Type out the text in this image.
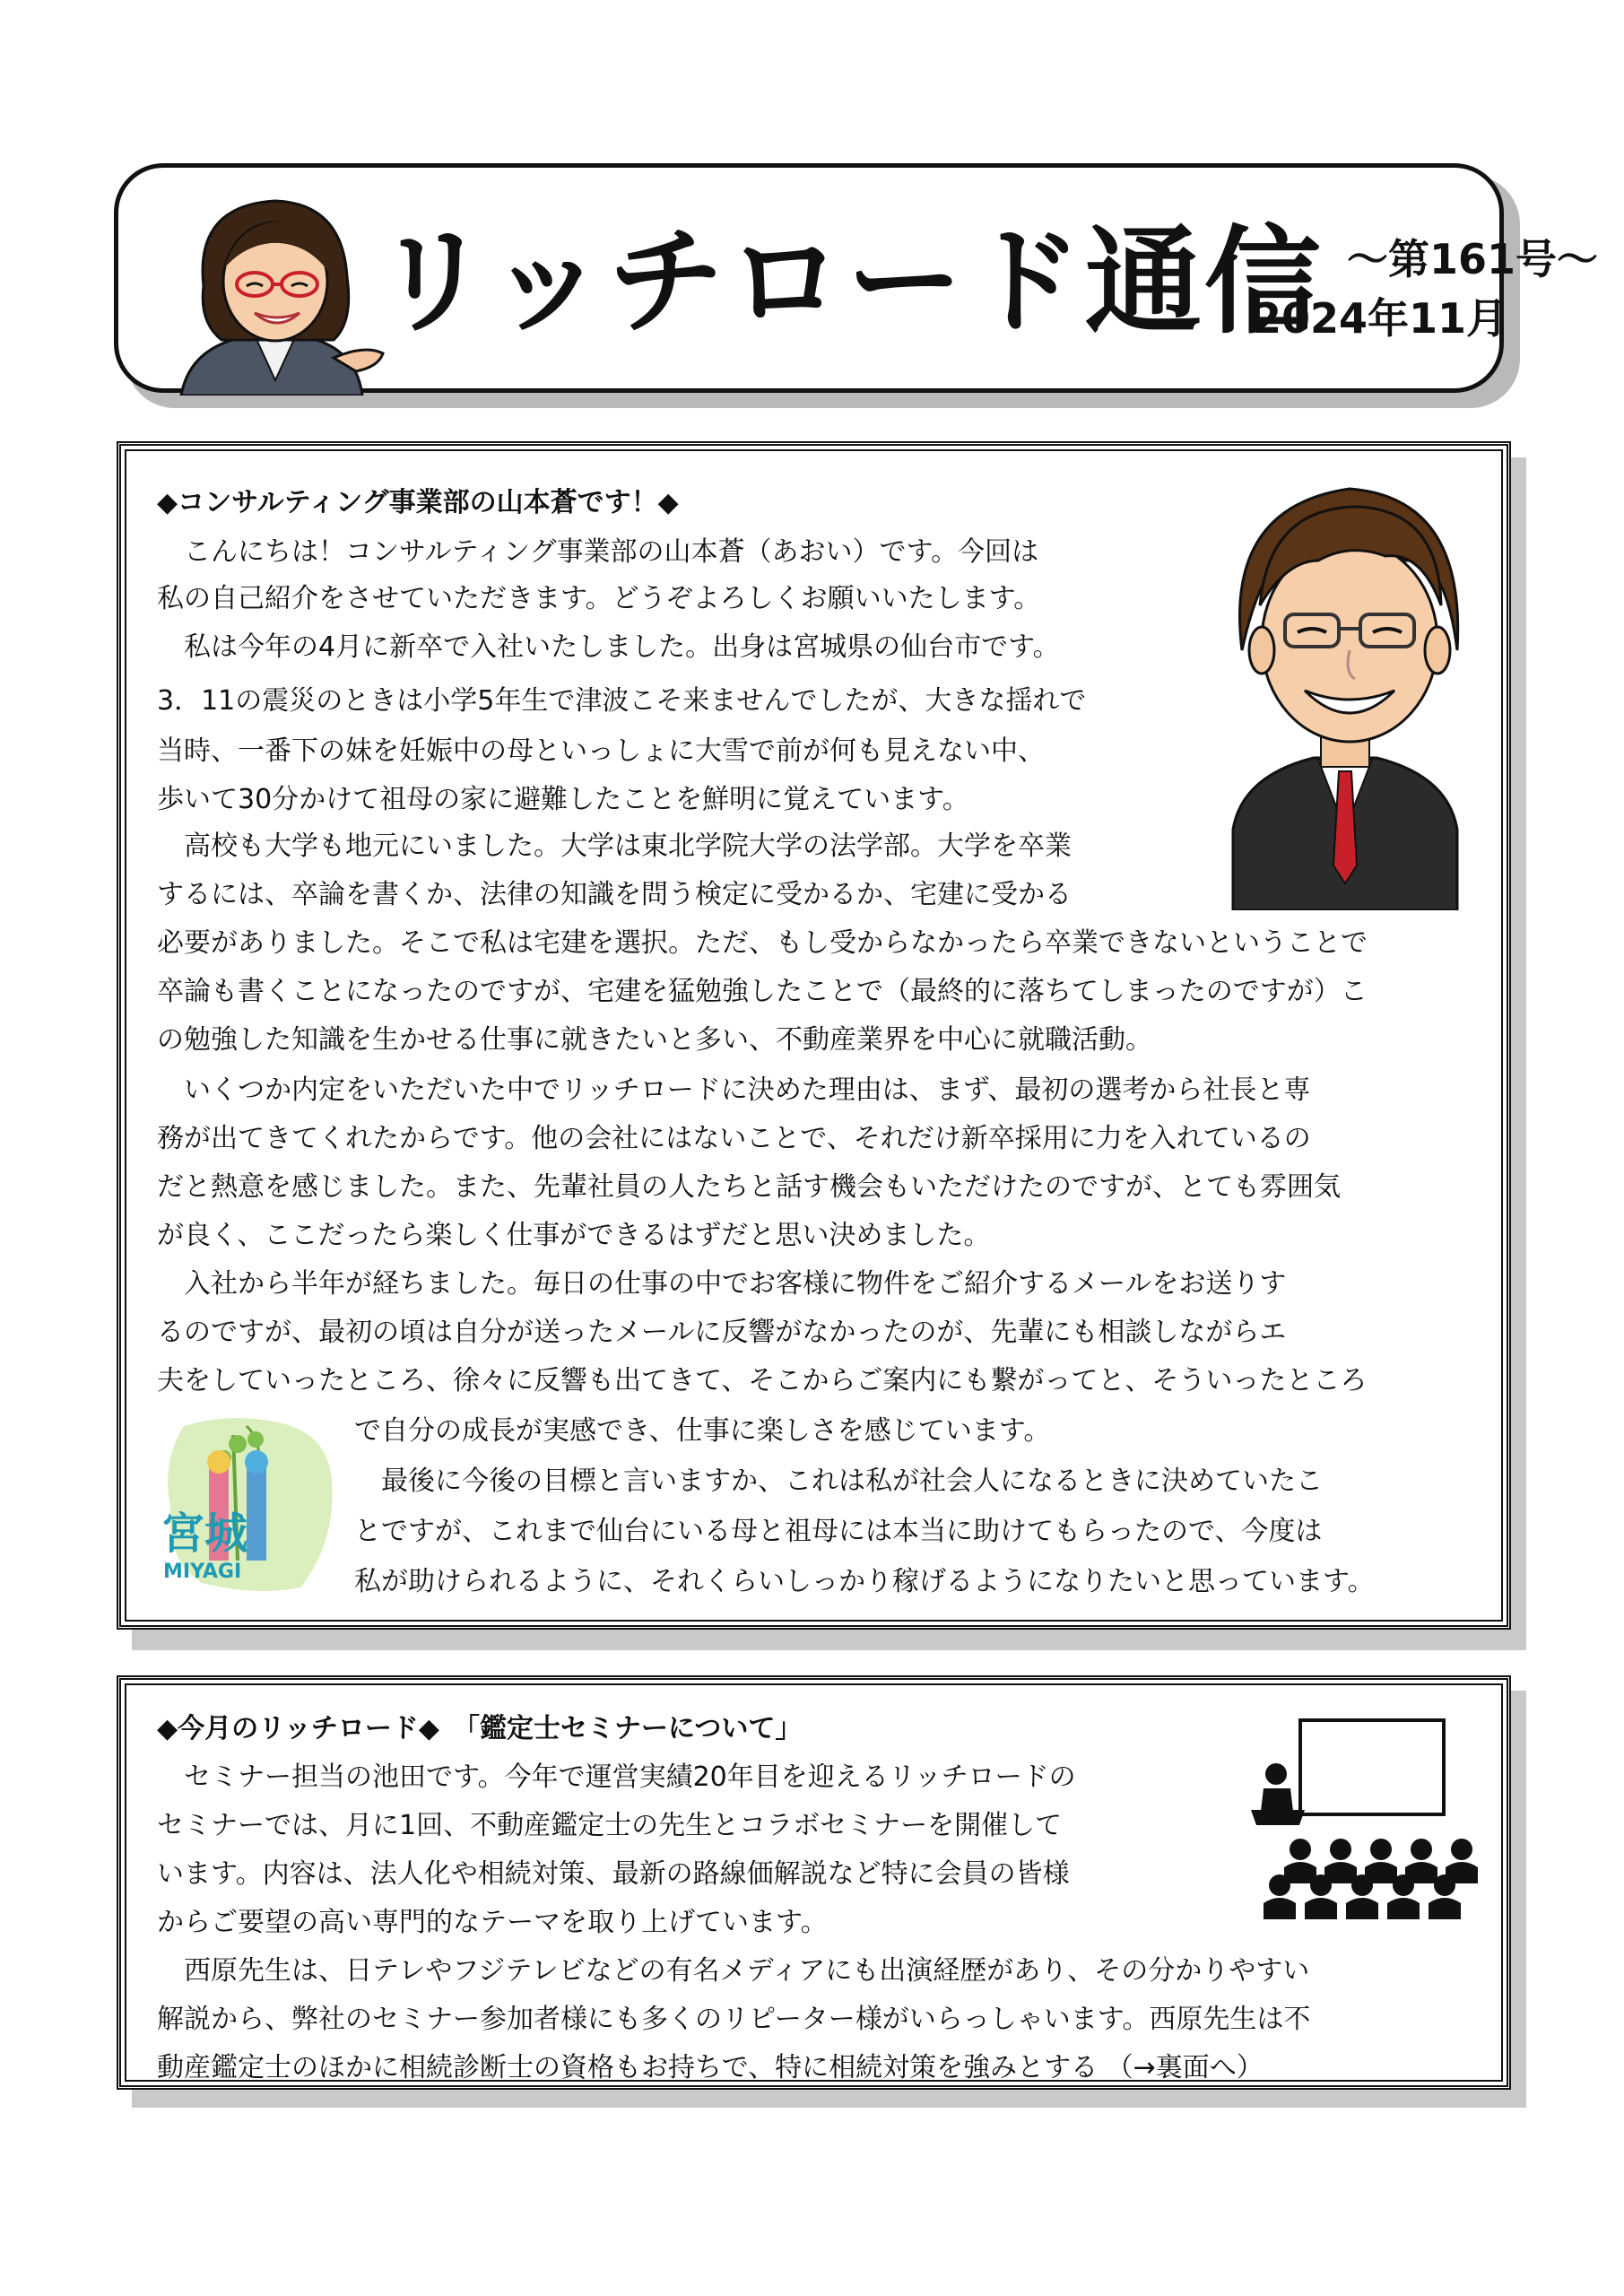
リッチロード通信 ～第161号～
2024年11月
宮城
MIYAGI
◆コンサルティング事業部の山本蒼です！◆
　こんにちは！コンサルティング事業部の山本蒼（あおい）です。今回は
私の自己紹介をさせていただきます。どうぞよろしくお願いいたします。
　私は今年の4月に新卒で入社いたしました。出身は宮城県の仙台市です。
3．11の震災のときは小学5年生で津波こそ来ませんでしたが、大きな揺れで
当時、一番下の妹を妊娠中の母といっしょに大雪で前が何も見えない中、
歩いて30分かけて祖母の家に避難したことを鮮明に覚えています。
　高校も大学も地元にいました。大学は東北学院大学の法学部。大学を卒業
するには、卒論を書くか、法律の知識を問う検定に受かるか、宅建に受かる
必要がありました。そこで私は宅建を選択。ただ、もし受からなかったら卒業できないということで
卒論も書くことになったのですが、宅建を猛勉強したことで（最終的に落ちてしまったのですが）こ
の勉強した知識を生かせる仕事に就きたいと多い、不動産業界を中心に就職活動。
　いくつか内定をいただいた中でリッチロードに決めた理由は、まず、最初の選考から社長と専
務が出てきてくれたからです。他の会社にはないことで、それだけ新卒採用に力を入れているの
だと熱意を感じました。また、先輩社員の人たちと話す機会もいただけたのですが、とても雰囲気
が良く、ここだったら楽しく仕事ができるはずだと思い決めました。
　入社から半年が経ちました。毎日の仕事の中でお客様に物件をご紹介するメールをお送りす
るのですが、最初の頃は自分が送ったメールに反響がなかったのが、先輩にも相談しながらエ
夫をしていったところ、徐々に反響も出てきて、そこからご案内にも繋がってと、そういったところ
で自分の成長が実感でき、仕事に楽しさを感じています。
　最後に今後の目標と言いますか、これは私が社会人になるときに決めていたこ
とですが、これまで仙台にいる母と祖母には本当に助けてもらったので、今度は
私が助けられるように、それくらいしっかり稼げるようになりたいと思っています。
◆今月のリッチロード◆　「鑑定士セミナーについて」
　セミナー担当の池田です。今年で運営実績20年目を迎えるリッチロードの
セミナーでは、月に1回、不動産鑑定士の先生とコラボセミナーを開催して
います。内容は、法人化や相続対策、最新の路線価解説など特に会員の皆様
からご要望の高い専門的なテーマを取り上げています。
　西原先生は、日テレやフジテレビなどの有名メディアにも出演経歴があり、その分かりやすい
解説から、弊社のセミナー参加者様にも多くのリピーター様がいらっしゃいます。西原先生は不
動産鑑定士のほかに相続診断士の資格もお持ちで、特に相続対策を強みとする （→裏面へ）
